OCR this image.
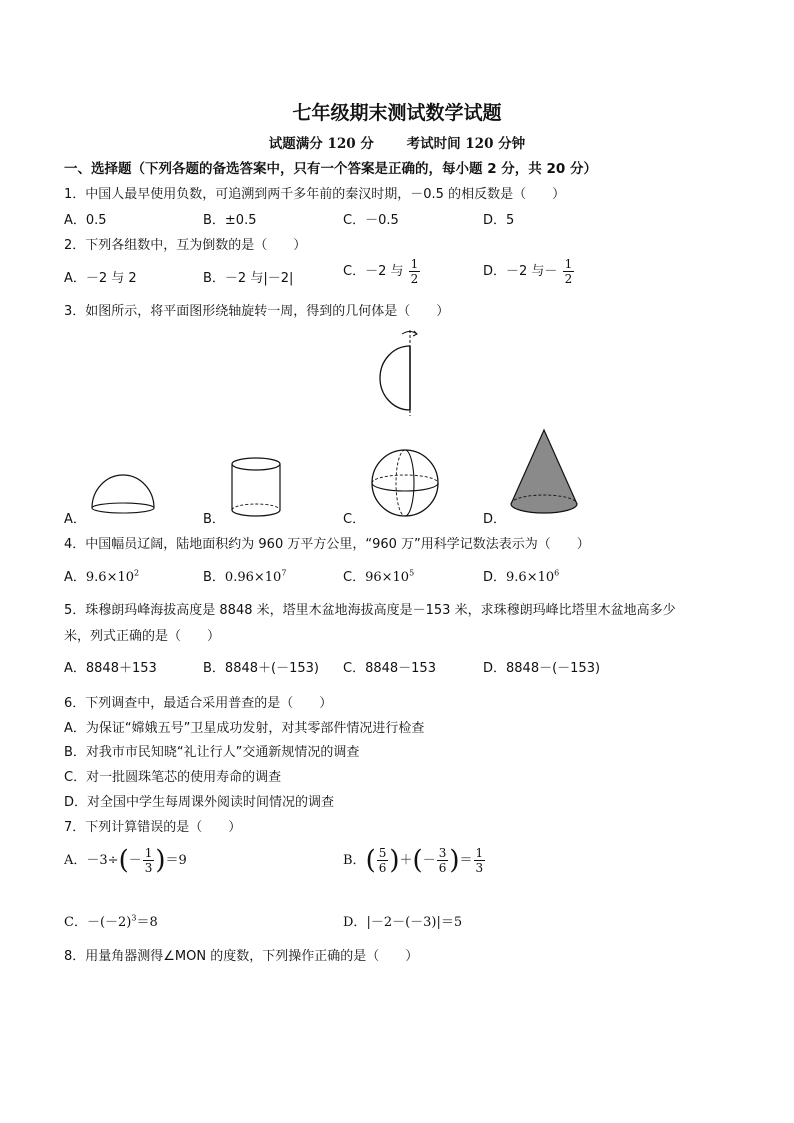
七年级期末测试数学试题
试题满分 120 分 考试时间 120 分钟
一、选择题（下列各题的备选答案中，只有一个答案是正确的，每小题 2 分，共 20 分）
1．中国人最早使用负数，可追溯到两千多年前的秦汉时期，－0.5 的相反数是（　　）
A．0.5	B．±0.5	C．－0.5	D．5
2．下列各组数中，互为倒数的是（　　）
A．－2 与 2	B．－2 与|－2|	C．－2 与 $\frac{1}{2}$	D．－2 与－ $\frac{1}{2}$
3．如图所示，将平面图形绕轴旋转一周，得到的几何体是（　　）
A．	B．	C．	D．
4．中国幅员辽阔，陆地面积约为 960 万平方公里，“960 万”用科学记数法表示为（　　）
A．$9.6\times 10^2$	B．$0.96\times 10^7$	C．$96\times 10^5$	D．$9.6\times 10^6$
5．珠穆朗玛峰海拔高度是 8848 米，塔里木盆地海拔高度是－153 米，求珠穆朗玛峰比塔里木盆地高多少
米，列式正确的是（　　）
A．8848＋153	B．8848＋(－153) C．8848－153	D．8848－(－153)
6．下列调查中，最适合采用普查的是（　　）
A．为保证“嫦娥五号”卫星成功发射，对其零部件情况进行检查
B．对我市市民知晓“礼让行人”交通新规情况的调查
C．对一批圆珠笔芯的使用寿命的调查
D．对全国中学生每周课外阅读时间情况的调查
7．下列计算错误的是（　　）
A．$-3\div(- \frac{1}{3} )=9$	B．( $\frac{5}{6}$ )＋(－ $\frac{3}{6}$ )＝ $\frac{1}{3}$
C．$-(-2)^3=8$	D．|－2－(－3)|＝5
8．用量角器测得∠MON 的度数，下列操作正确的是（　　）
